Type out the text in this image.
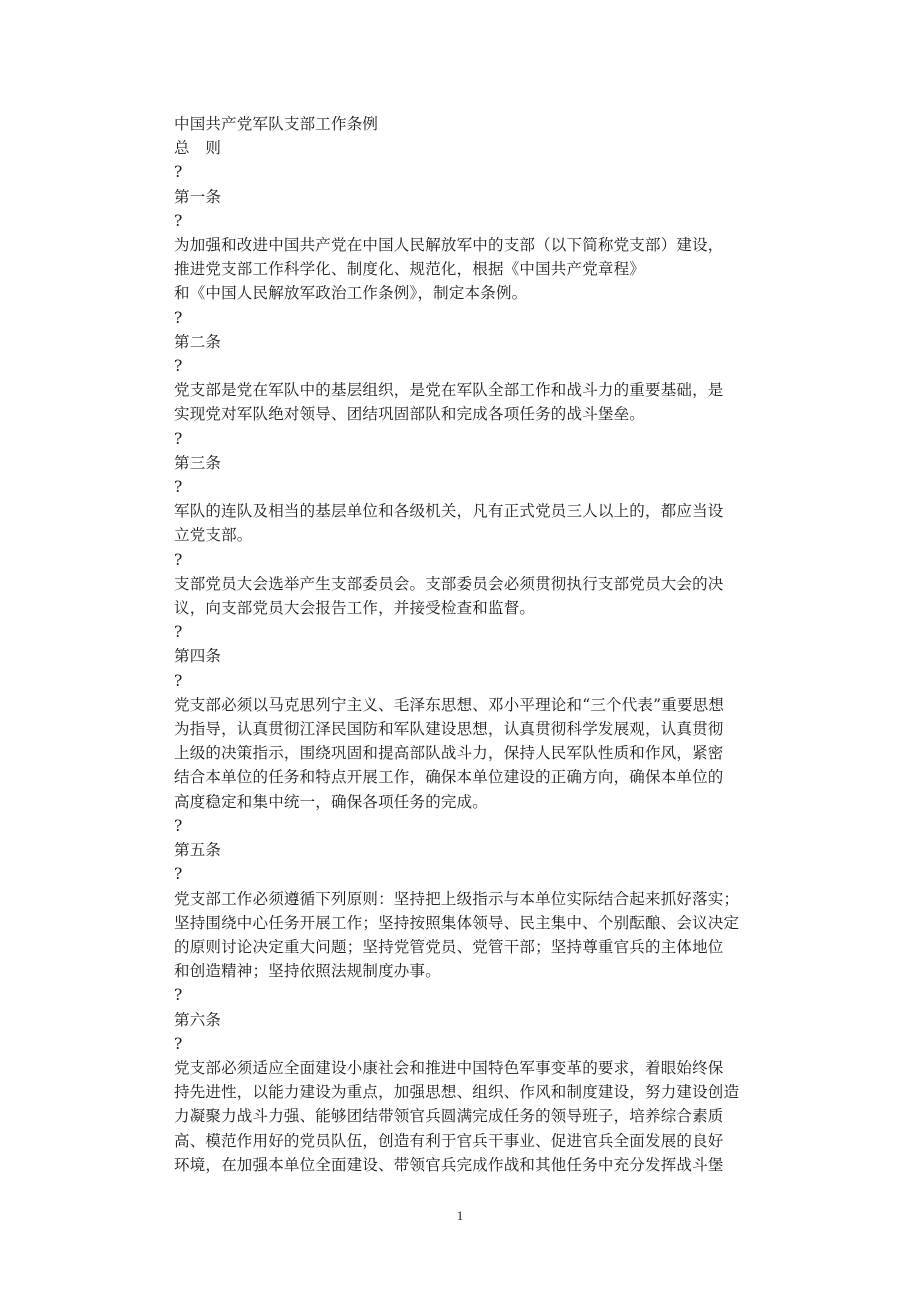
中国共产党军队支部工作条例

总　则

?

第一条

?

为加强和改进中国共产党在中国人民解放军中的支部（以下简称党支部）建设，

推进党支部工作科学化、制度化、规范化，根据《中国共产党章程》

和《中国人民解放军政治工作条例》，制定本条例。

?

第二条

?

党支部是党在军队中的基层组织，是党在军队全部工作和战斗力的重要基础，是

实现党对军队绝对领导、团结巩固部队和完成各项任务的战斗堡垒。

?

第三条

?

军队的连队及相当的基层单位和各级机关，凡有正式党员三人以上的，都应当设

立党支部。

?

支部党员大会选举产生支部委员会。支部委员会必须贯彻执行支部党员大会的决

议，向支部党员大会报告工作，并接受检查和监督。

?

第四条

?

党支部必须以马克思列宁主义、毛泽东思想、邓小平理论和“三个代表”重要思想

为指导，认真贯彻江泽民国防和军队建设思想，认真贯彻科学发展观，认真贯彻

上级的决策指示，围绕巩固和提高部队战斗力，保持人民军队性质和作风，紧密

结合本单位的任务和特点开展工作，确保本单位建设的正确方向，确保本单位的

高度稳定和集中统一，确保各项任务的完成。

?

第五条

?

党支部工作必须遵循下列原则：坚持把上级指示与本单位实际结合起来抓好落实；

坚持围绕中心任务开展工作；坚持按照集体领导、民主集中、个别酝酿、会议决定

的原则讨论决定重大问题；坚持党管党员、党管干部；坚持尊重官兵的主体地位

和创造精神；坚持依照法规制度办事。

?

第六条

?

党支部必须适应全面建设小康社会和推进中国特色军事变革的要求，着眼始终保

持先进性，以能力建设为重点，加强思想、组织、作风和制度建设，努力建设创造

力凝聚力战斗力强、能够团结带领官兵圆满完成任务的领导班子，培养综合素质

高、模范作用好的党员队伍，创造有利于官兵干事业、促进官兵全面发展的良好

环境，在加强本单位全面建设、带领官兵完成作战和其他任务中充分发挥战斗堡

1
